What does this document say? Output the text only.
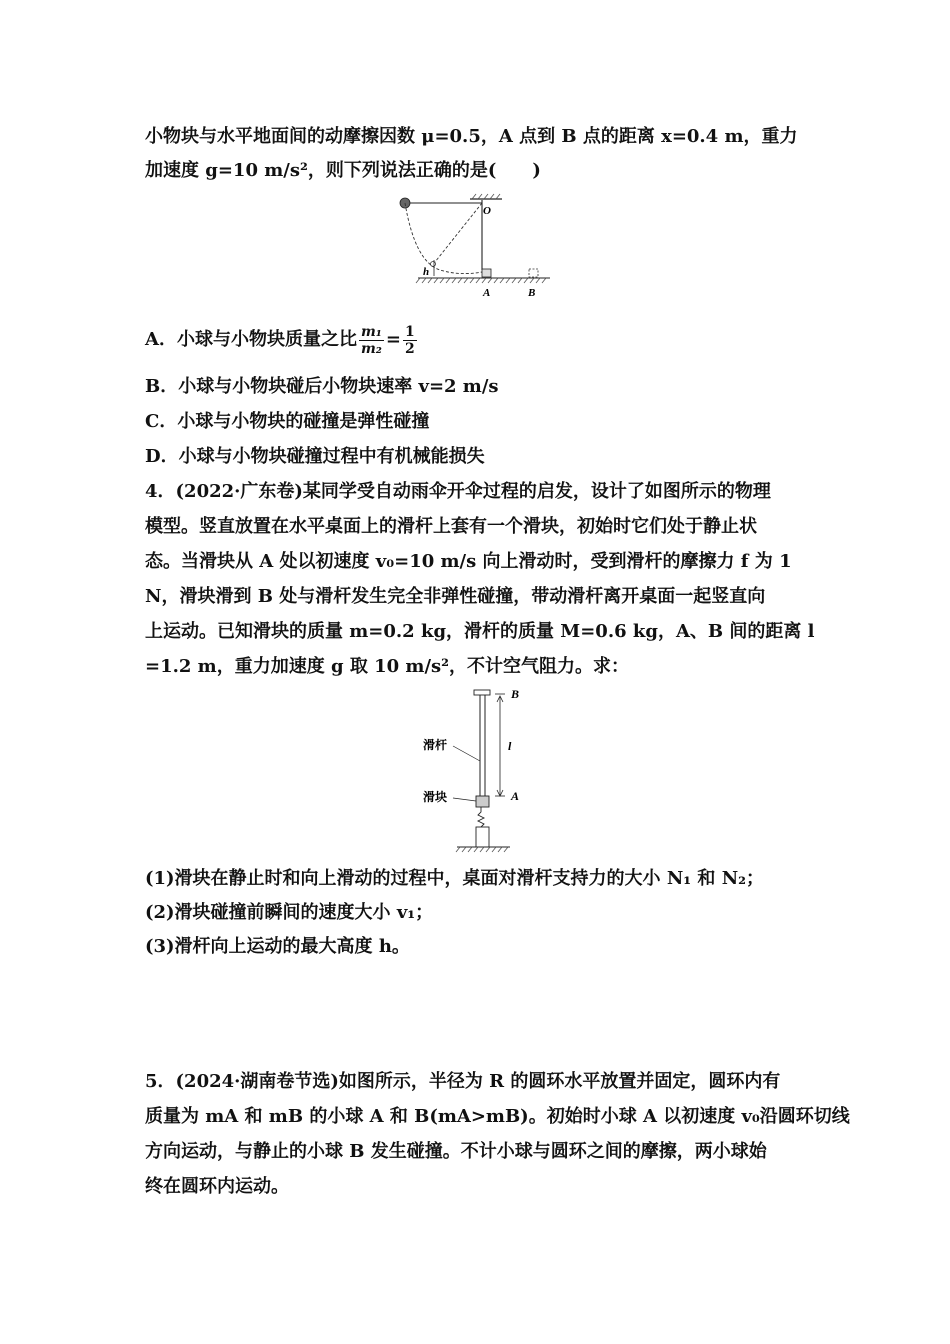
小物块与水平地面间的动摩擦因数 μ=0.5，A 点到 B 点的距离 x=0.4 m，重力
加速度 g=10 m/s²，则下列说法正确的是(　　)
h
O
A	B
A．小球与小物块质量之比 $\frac{\text{m₁}}{\text{m₂}} = \frac{1}{2}$
B．小球与小物块碰后小物块速率 v=2 m/s
C．小球与小物块的碰撞是弹性碰撞
D．小球与小物块碰撞过程中有机械能损失
4．(2022·广东卷)某同学受自动雨伞开伞过程的启发，设计了如图所示的物理
模型。竖直放置在水平桌面上的滑杆上套有一个滑块，初始时它们处于静止状
态。当滑块从 A 处以初速度 v₀=10 m/s 向上滑动时，受到滑杆的摩擦力 f 为 1
N，滑块滑到 B 处与滑杆发生完全非弹性碰撞，带动滑杆离开桌面一起竖直向
上运动。已知滑块的质量 m=0.2 kg，滑杆的质量 M=0.6 kg，A、B 间的距离 l
=1.2 m，重力加速度 g 取 10 m/s²，不计空气阻力。求：
B
l
A
滑杆
滑块
(1)滑块在静止时和向上滑动的过程中，桌面对滑杆支持力的大小 N₁ 和 N₂；
(2)滑块碰撞前瞬间的速度大小 v₁；
(3)滑杆向上运动的最大高度 h。
5．(2024·湖南卷节选)如图所示，半径为 R 的圆环水平放置并固定，圆环内有
质量为 mA 和 mB 的小球 A 和 B(mA>mB)。初始时小球 A 以初速度 v₀沿圆环切线
方向运动，与静止的小球 B 发生碰撞。不计小球与圆环之间的摩擦，两小球始
终在圆环内运动。
